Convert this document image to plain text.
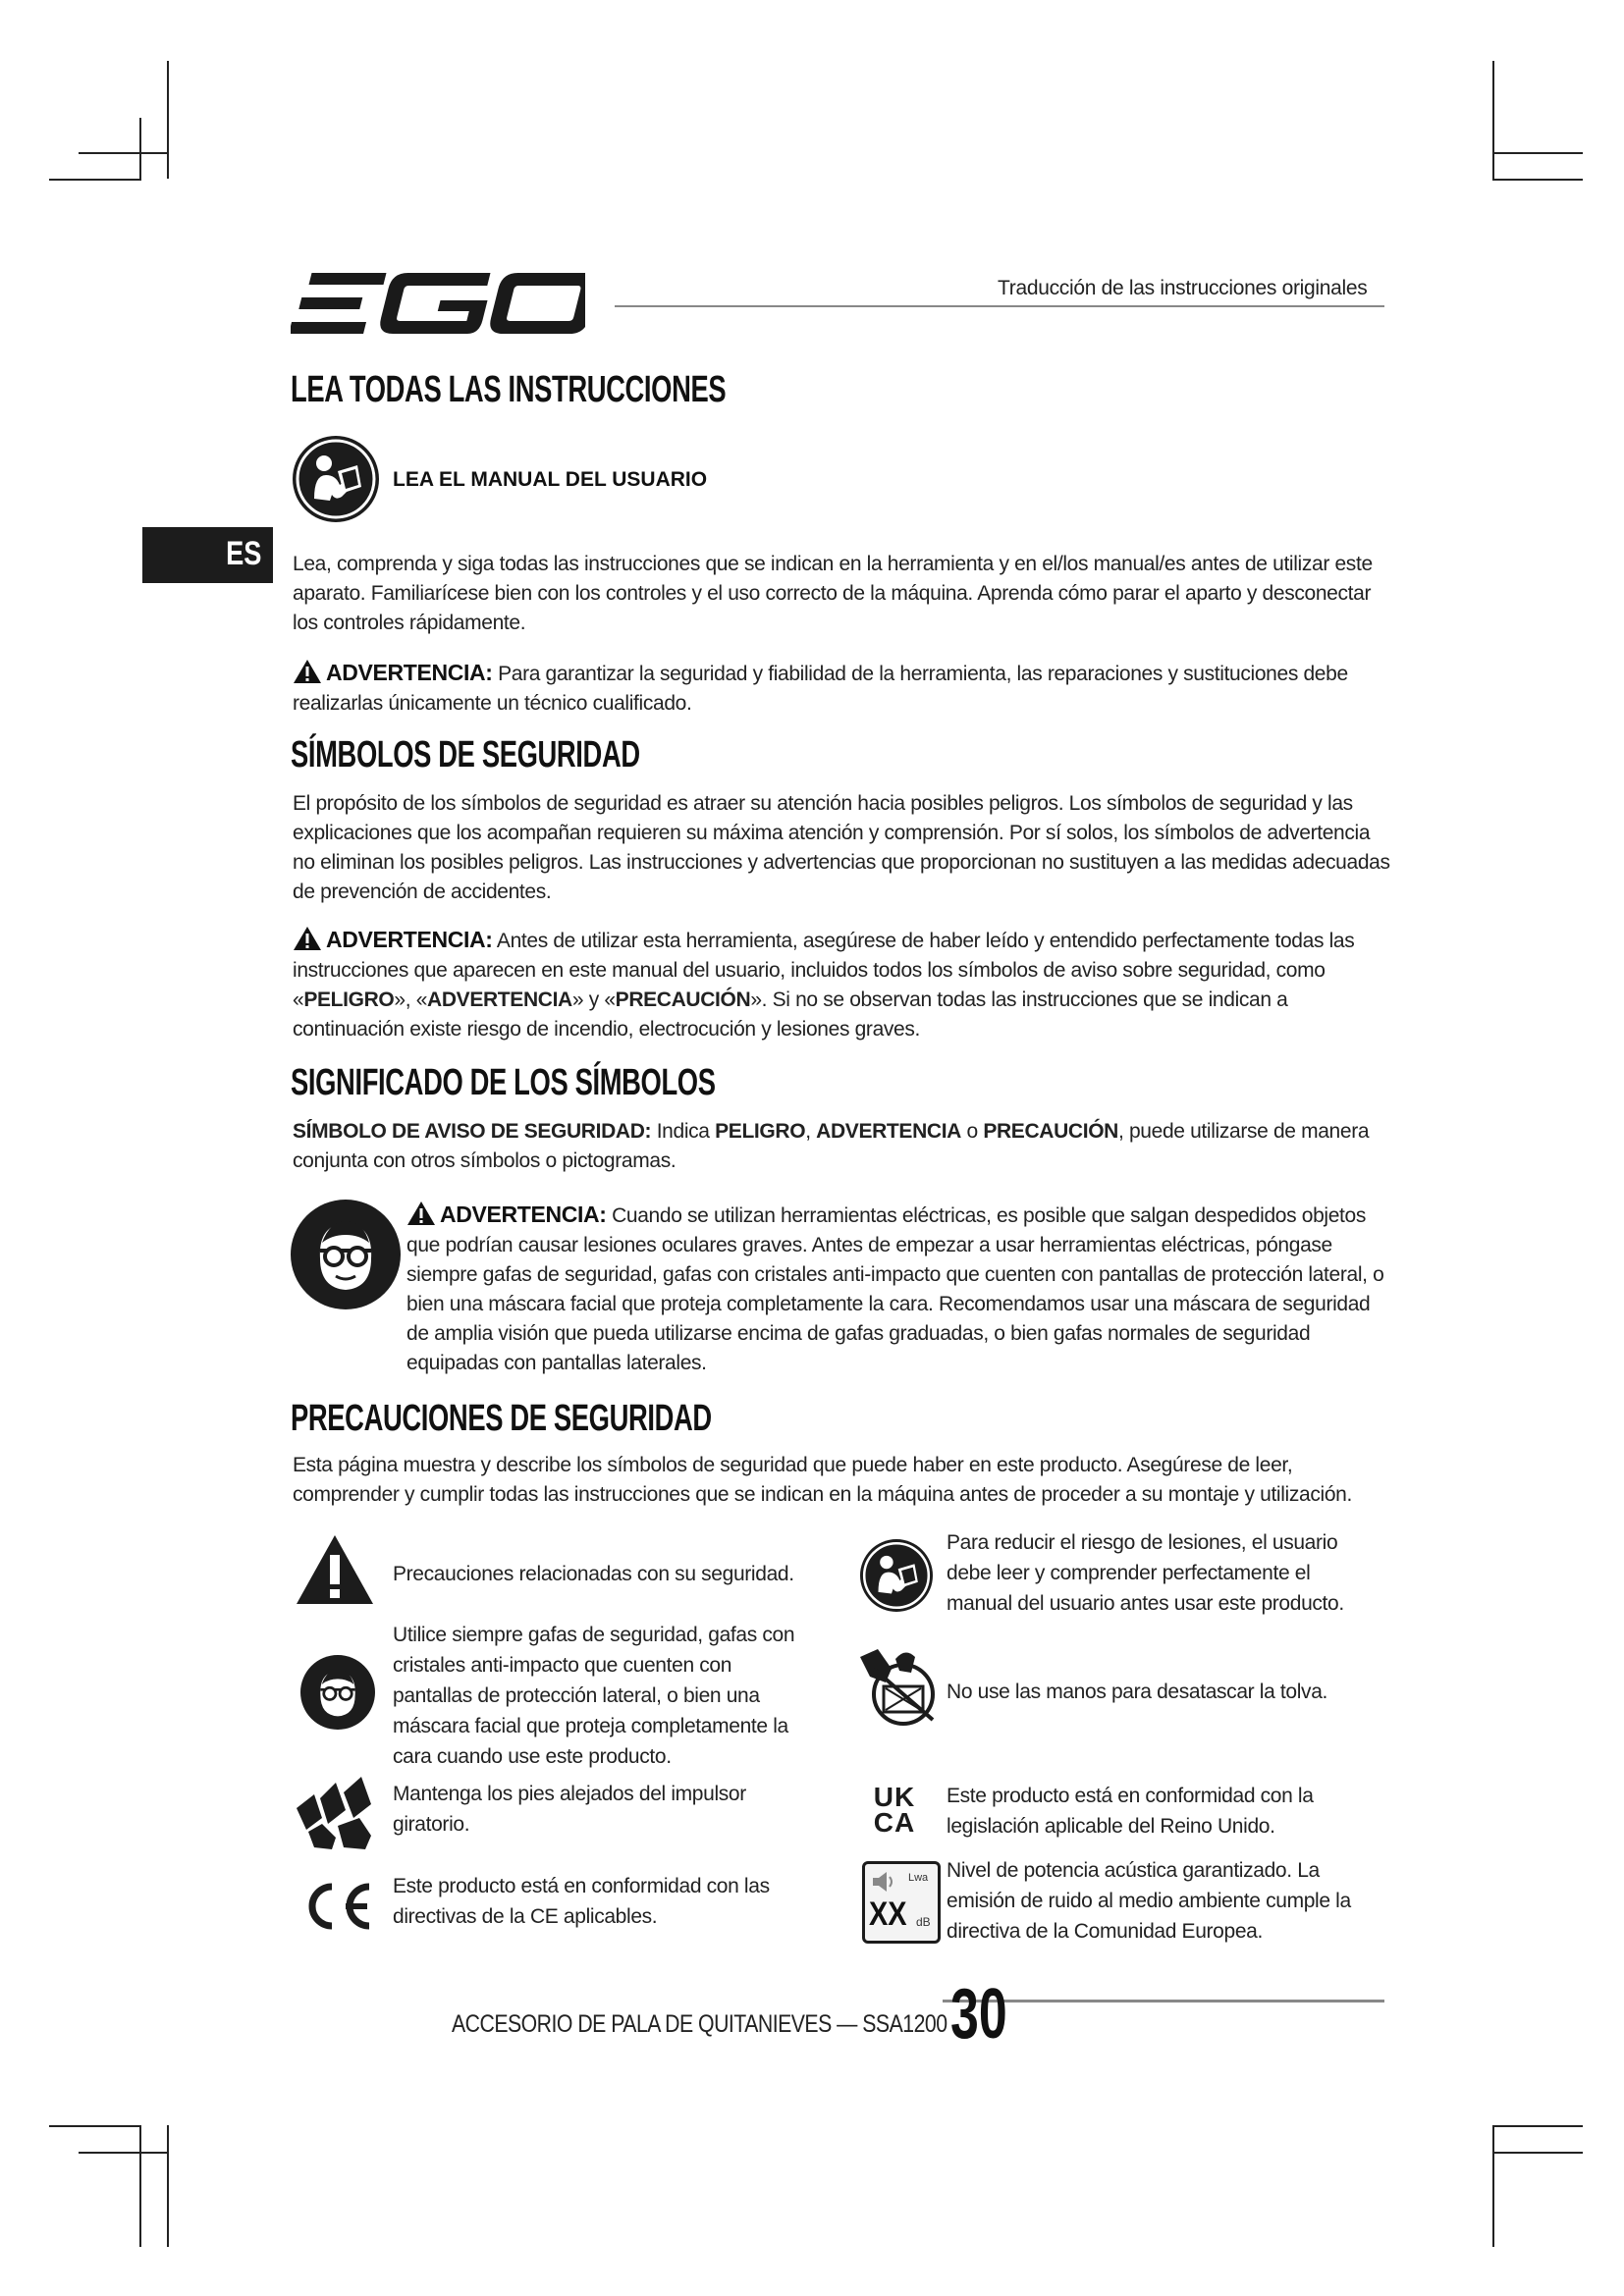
Traducción de las instrucciones originales
ES
LEA TODAS LAS INSTRUCCIONES
LEA EL MANUAL DEL USUARIO
Lea, comprenda y siga todas las instrucciones que se indican en la herramienta y en el/los manual/es antes de utilizar este aparato. Familiarícese bien con los controles y el uso correcto de la máquina. Aprenda cómo parar el aparto y desconectar los controles rápidamente.
ADVERTENCIA: Para garantizar la seguridad y fiabilidad de la herramienta, las reparaciones y sustituciones debe realizarlas únicamente un técnico cualificado.
SÍMBOLOS DE SEGURIDAD
El propósito de los símbolos de seguridad es atraer su atención hacia posibles peligros. Los símbolos de seguridad y las explicaciones que los acompañan requieren su máxima atención y comprensión. Por sí solos, los símbolos de advertencia no eliminan los posibles peligros. Las instrucciones y advertencias que proporcionan no sustituyen a las medidas adecuadas de prevención de accidentes.
ADVERTENCIA: Antes de utilizar esta herramienta, asegúrese de haber leído y entendido perfectamente todas las instrucciones que aparecen en este manual del usuario, incluidos todos los símbolos de aviso sobre seguridad, como «PELIGRO», «ADVERTENCIA» y «PRECAUCIÓN». Si no se observan todas las instrucciones que se indican a continuación existe riesgo de incendio, electrocución y lesiones graves.
SIGNIFICADO DE LOS SÍMBOLOS
SÍMBOLO DE AVISO DE SEGURIDAD: Indica PELIGRO, ADVERTENCIA o PRECAUCIÓN, puede utilizarse de manera conjunta con otros símbolos o pictogramas.
ADVERTENCIA: Cuando se utilizan herramientas eléctricas, es posible que salgan despedidos objetos que podrían causar lesiones oculares graves. Antes de empezar a usar herramientas eléctricas, póngase siempre gafas de seguridad, gafas con cristales anti-impacto que cuenten con pantallas de protección lateral, o bien una máscara facial que proteja completamente la cara. Recomendamos usar una máscara de seguridad de amplia visión que pueda utilizarse encima de gafas graduadas, o bien gafas normales de seguridad equipadas con pantallas laterales.
PRECAUCIONES DE SEGURIDAD
Esta página muestra y describe los símbolos de seguridad que puede haber en este producto. Asegúrese de leer, comprender y cumplir todas las instrucciones que se indican en la máquina antes de proceder a su montaje y utilización.
Precauciones relacionadas con su seguridad.
Utilice siempre gafas de seguridad, gafas con cristales anti-impacto que cuenten con pantallas de protección lateral, o bien una máscara facial que proteja completamente la cara cuando use este producto.
Mantenga los pies alejados del impulsor giratorio.
Este producto está en conformidad con las directivas de la CE aplicables.
Para reducir el riesgo de lesiones, el usuario debe leer y comprender perfectamente el manual del usuario antes usar este producto.
No use las manos para desatascar la tolva.
UK
CA
Este producto está en conformidad con la legislación aplicable del Reino Unido.
Lwa
XX dB
Nivel de potencia acústica garantizado. La emisión de ruido al medio ambiente cumple la directiva de la Comunidad Europea.
ACCESORIO DE PALA DE QUITANIEVES — SSA1200 30
